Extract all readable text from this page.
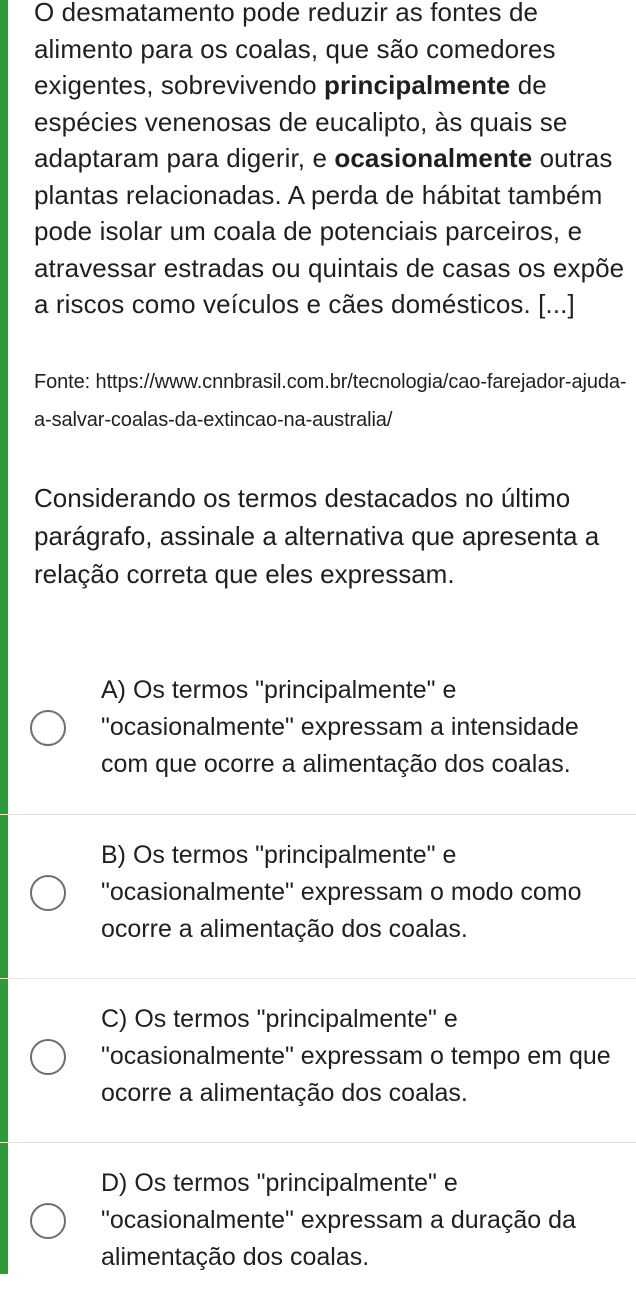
O desmatamento pode reduzir as fontes de alimento para os coalas, que são comedores exigentes, sobrevivendo principalmente de espécies venenosas de eucalipto, às quais se adaptaram para digerir, e ocasionalmente outras plantas relacionadas. A perda de hábitat também pode isolar um coala de potenciais parceiros, e atravessar estradas ou quintais de casas os expõe a riscos como veículos e cães domésticos. [...]

Fonte: https://www.cnnbrasil.com.br/tecnologia/cao-farejador-ajuda-a-salvar-coalas-da-extincao-na-australia/
Considerando os termos destacados no último parágrafo, assinale a alternativa que apresenta a relação correta que eles expressam.
A) Os termos "principalmente" e "ocasionalmente" expressam a intensidade com que ocorre a alimentação dos coalas.
B) Os termos "principalmente" e "ocasionalmente" expressam o modo como ocorre a alimentação dos coalas.
C) Os termos "principalmente" e "ocasionalmente" expressam o tempo em que ocorre a alimentação dos coalas.
D) Os termos "principalmente" e "ocasionalmente" expressam a duração da alimentação dos coalas.
